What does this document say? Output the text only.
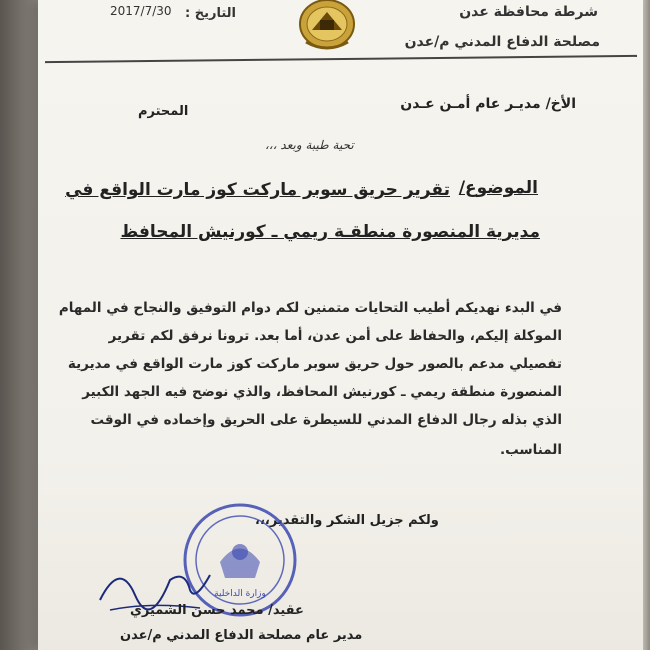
شرطة محافظة عدن
مصلحة الدفاع المدني م/عدن
التاريخ :
2017/7/30
الأخ/ مديـر عام أمـن عـدن
المحترم
تحية طيبة وبعد ،،،
الموضوع/
تقرير حريق سوبر ماركت كوز مارت الواقع في
مديرية المنصورة منطقـة ريمي ـ كورنيش المحافظ
في البدء نهديكم أطيب التحايات متمنين لكم دوام التوفيق والنجاح في المهام
الموكلة إليكم، والحفاظ على أمن عدن، أما بعد. ترونا نرفق لكم تقرير
تفصيلي مدعم بالصور حول حريق سوبر ماركت كوز مارت الواقع في مديرية
المنصورة منطقة ريمي ـ كورنيش المحافظ، والذي نوضح فيه الجهد الكبير
الذي بذله رجال الدفاع المدني للسيطرة على الحريق وإخماده في الوقت
المناسب.
ولكم جزيل الشكر والتقدير،،،
وزارة الداخلية
عقيد/ محمد حسن الشميري
مدير عام مصلحة الدفاع المدني م/عدن
